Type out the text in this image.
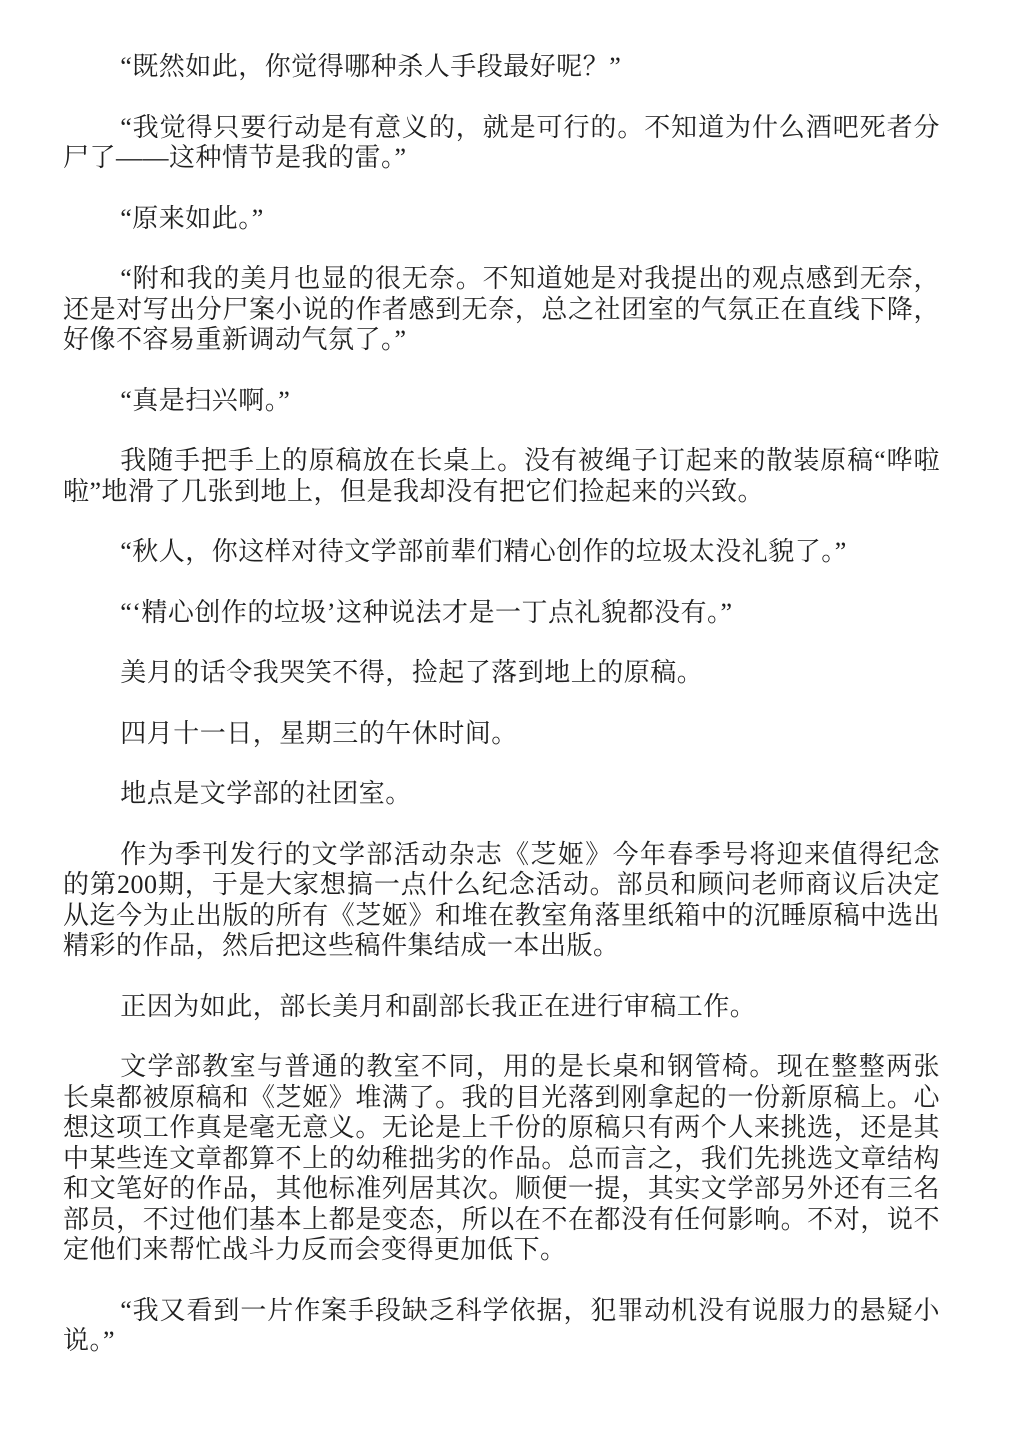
“既然如此，你觉得哪种杀人手段最好呢？”

“我觉得只要行动是有意义的，就是可行的。不知道为什么酒吧死者分尸了——这种情节是我的雷。”

“原来如此。”

“附和我的美月也显的很无奈。不知道她是对我提出的观点感到无奈，还是对写出分尸案小说的作者感到无奈，总之社团室的气氛正在直线下降，好像不容易重新调动气氛了。”

“真是扫兴啊。”

我随手把手上的原稿放在长桌上。没有被绳子订起来的散装原稿“哗啦啦”地滑了几张到地上，但是我却没有把它们捡起来的兴致。

“秋人，你这样对待文学部前辈们精心创作的垃圾太没礼貌了。”

“‘精心创作的垃圾’这种说法才是一丁点礼貌都没有。”

美月的话令我哭笑不得，捡起了落到地上的原稿。

四月十一日，星期三的午休时间。

地点是文学部的社团室。

作为季刊发行的文学部活动杂志《芝姬》今年春季号将迎来值得纪念的第200期，于是大家想搞一点什么纪念活动。部员和顾问老师商议后决定从迄今为止出版的所有《芝姬》和堆在教室角落里纸箱中的沉睡原稿中选出精彩的作品，然后把这些稿件集结成一本出版。

正因为如此，部长美月和副部长我正在进行审稿工作。

文学部教室与普通的教室不同，用的是长桌和钢管椅。现在整整两张长桌都被原稿和《芝姬》堆满了。我的目光落到刚拿起的一份新原稿上。心想这项工作真是毫无意义。无论是上千份的原稿只有两个人来挑选，还是其中某些连文章都算不上的幼稚拙劣的作品。总而言之，我们先挑选文章结构和文笔好的作品，其他标准列居其次。顺便一提，其实文学部另外还有三名部员，不过他们基本上都是变态，所以在不在都没有任何影响。不对，说不定他们来帮忙战斗力反而会变得更加低下。

“我又看到一片作案手段缺乏科学依据，犯罪动机没有说服力的悬疑小说。”
